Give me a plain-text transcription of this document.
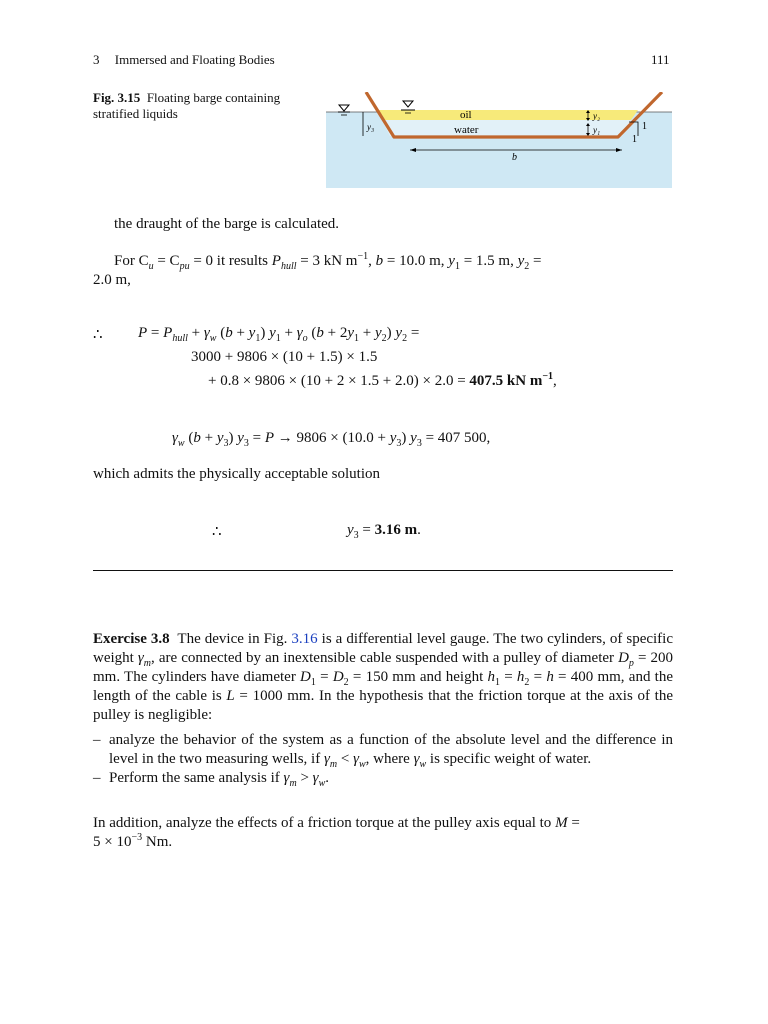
3 Immersed and Floating Bodies	111
Fig. 3.15 Floating barge containing stratified liquids
y₃
oil
water
y₂
y₁	1
1
b
the draught of the barge is calculated.
For $C_u = C_{pu} = 0$ it results $P_{hull} = 3$ kN $m^{-1}$, b = 10.0 m, $y_1 = 1.5$ m, $y_2$ =
2.0 m,
∴ $P = P_{hull} + \gamma_w$ $(b + y_1)$ $y_1 + \gamma_o$ $(b + 2y_1 + y_2)$ $y_2$ =
3000 + 9806 × (10 + 1.5) × 1.5
+ 0.8 × 9806 × (10 + 2 × 1.5 + 2.0) × 2.0 = 407.5 kN $m^{-1}$,
$\gamma_w$ $(b + y_3)$ $y_3 = P \to 9806 \times (10.0 + y_3) y_3 = 407$ 500,
which admits the physically acceptable solution
∴	$y_3 = 3.16$ m.
Exercise 3.8  The device in Fig. 3.16 is a differential level gauge. The two cylinders, of specific weight $\gamma_m$, are connected by an inextensible cable suspended with a pulley of diameter $D_p = 200$ mm. The cylinders have diameter $D_1 = D_2 = 150$ mm and height $h_1 = h_2 = h = 400$ mm, and the length of the cable is L = 1000 mm. In the hypothesis that the friction torque at the axis of the pulley is negligible:
– analyze the behavior of the system as a function of the absolute level and the difference in level in the two measuring wells, if $\gamma_m < \gamma_w$, where $\gamma_w$ is specific weight of water.
– Perform the same analysis if $\gamma_m > \gamma_w$.
In addition, analyze the effects of a friction torque at the pulley axis equal to M =
$5 \times 10^{-3}$ Nm.
